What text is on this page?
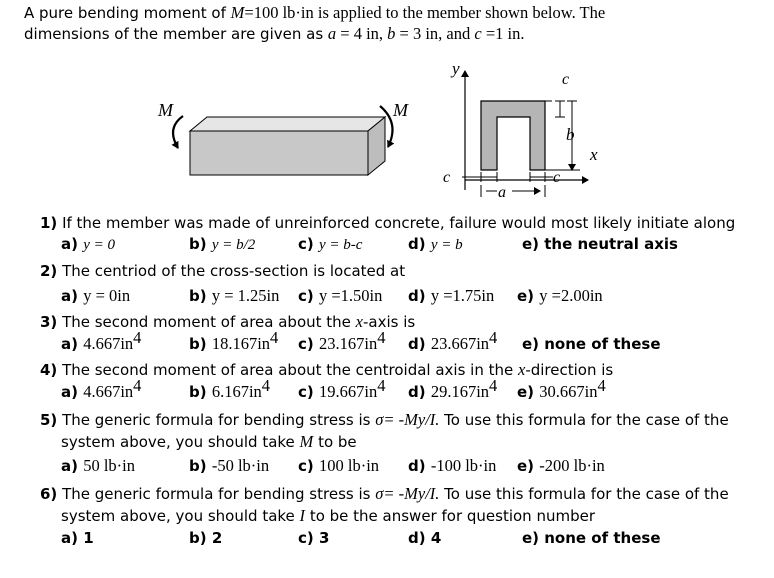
A pure bending moment of M=100 lb·in is applied to the member shown below. The
dimensions of the member are given as a = 4 in, b = 3 in, and c =1 in.
M	M
y
x
c
b
c	c
a
1) If the member was made of unreinforced concrete, failure would most likely initiate along
a) y = 0	b) y = b/2	c) y = b-c	d) y = b	e) the neutral axis
2) The centriod of the cross-section is located at
a) y = 0in	b) y = 1.25in c) y =1.50in d) y =1.75in e) y =2.00in
3) The second moment of area about the x-axis is
a) $4.667in^4$	b) $18.167in^4$ c) $23.167in^4$ d) $23.667in^4$ e) none of these
4) The second moment of area about the centroidal axis in the x-direction is
a) $4.667in^4$	b) $6.167in^4$ c) $19.667in^4$ d) $29.167in^4$ e) $30.667in^4$
5) The generic formula for bending stress is σ= -My/I. To use this formula for the case of the
system above, you should take M to be
a) 50 lb·in	b) -50 lb·in c) 100 lb·in d) -100 lb·in e) -200 lb·in
6) The generic formula for bending stress is σ= -My/I. To use this formula for the case of the
system above, you should take I to be the answer for question number
a) 1	b) 2	c) 3	d) 4	e) none of these
